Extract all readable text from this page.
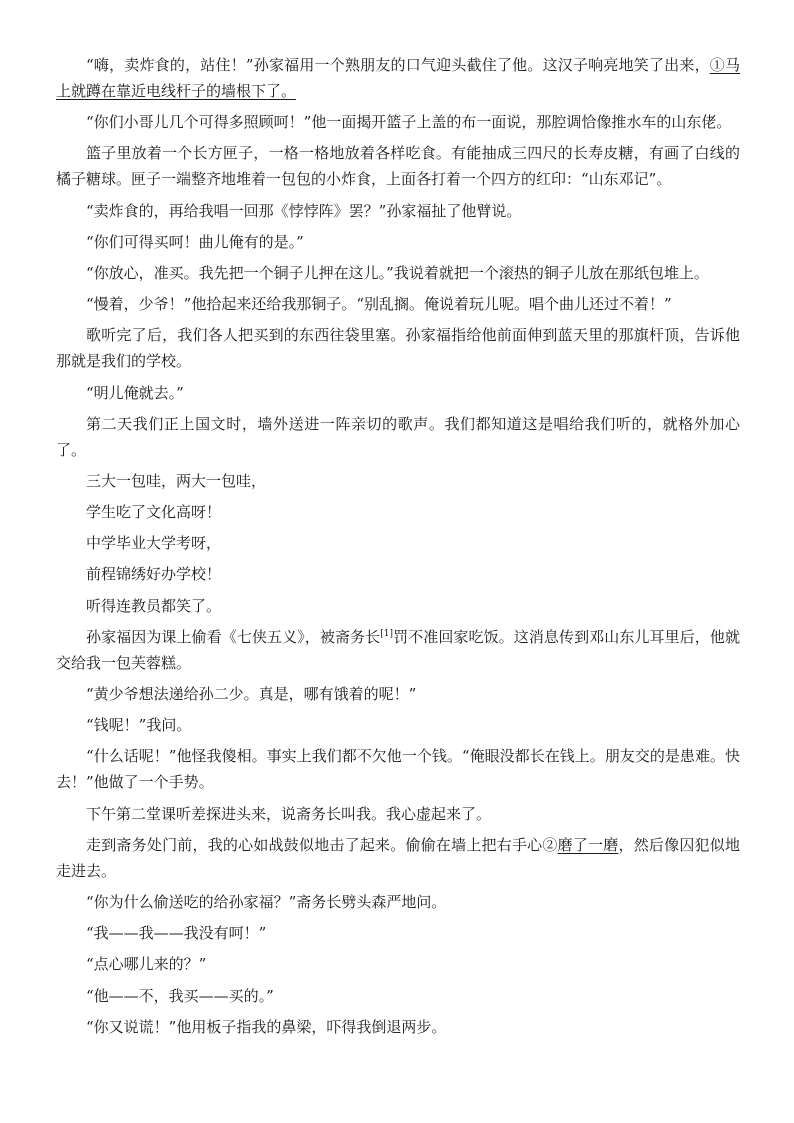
“嗨，卖炸食的，站住！”孙家福用一个熟朋友的口气迎头截住了他。这汉子响亮地笑了出来，①马上就蹲在靠近电线杆子的墙根下了。

“你们小哥儿几个可得多照顾呵！”他一面揭开篮子上盖的布一面说，那腔调恰像推水车的山东佬。

篮子里放着一个长方匣子，一格一格地放着各样吃食。有能抽成三四尺的长寿皮糖，有画了白线的橘子糖球。匣子一端整齐地堆着一包包的小炸食，上面各打着一个四方的红印：“山东邓记”。

“卖炸食的，再给我唱一回那《悖悖阵》罢？”孙家福扯了他臂说。

“你们可得买呵！曲儿俺有的是。”

“你放心，准买。我先把一个铜子儿押在这儿。”我说着就把一个滚热的铜子儿放在那纸包堆上。

“慢着，少爷！”他拾起来还给我那铜子。“别乱搁。俺说着玩儿呢。唱个曲儿还过不着！”

歌听完了后，我们各人把买到的东西往袋里塞。孙家福指给他前面伸到蓝天里的那旗杆顶，告诉他那就是我们的学校。

“明儿俺就去。”

第二天我们正上国文时，墙外送进一阵亲切的歌声。我们都知道这是唱给我们听的，就格外加心了。

三大一包哇，两大一包哇，

学生吃了文化高呀！

中学毕业大学考呀，

前程锦绣好办学校！

听得连教员都笑了。

孙家福因为课上偷看《七侠五义》，被斋务长[1]罚不准回家吃饭。这消息传到邓山东儿耳里后，他就交给我一包芙蓉糕。

“黄少爷想法递给孙二少。真是，哪有饿着的呢！”

“钱呢！”我问。

“什么话呢！”他怪我傻相。事实上我们都不欠他一个钱。“俺眼没都长在钱上。朋友交的是患难。快去！”他做了一个手势。

下午第二堂课听差探进头来，说斋务长叫我。我心虚起来了。

走到斋务处门前，我的心如战鼓似地击了起来。偷偷在墙上把右手心②磨了一磨，然后像囚犯似地走进去。

“你为什么偷送吃的给孙家福？”斋务长劈头森严地问。

“我——我——我没有呵！”

“点心哪儿来的？”

“他——不，我买——买的。”

“你又说谎！”他用板子指我的鼻梁，吓得我倒退两步。
